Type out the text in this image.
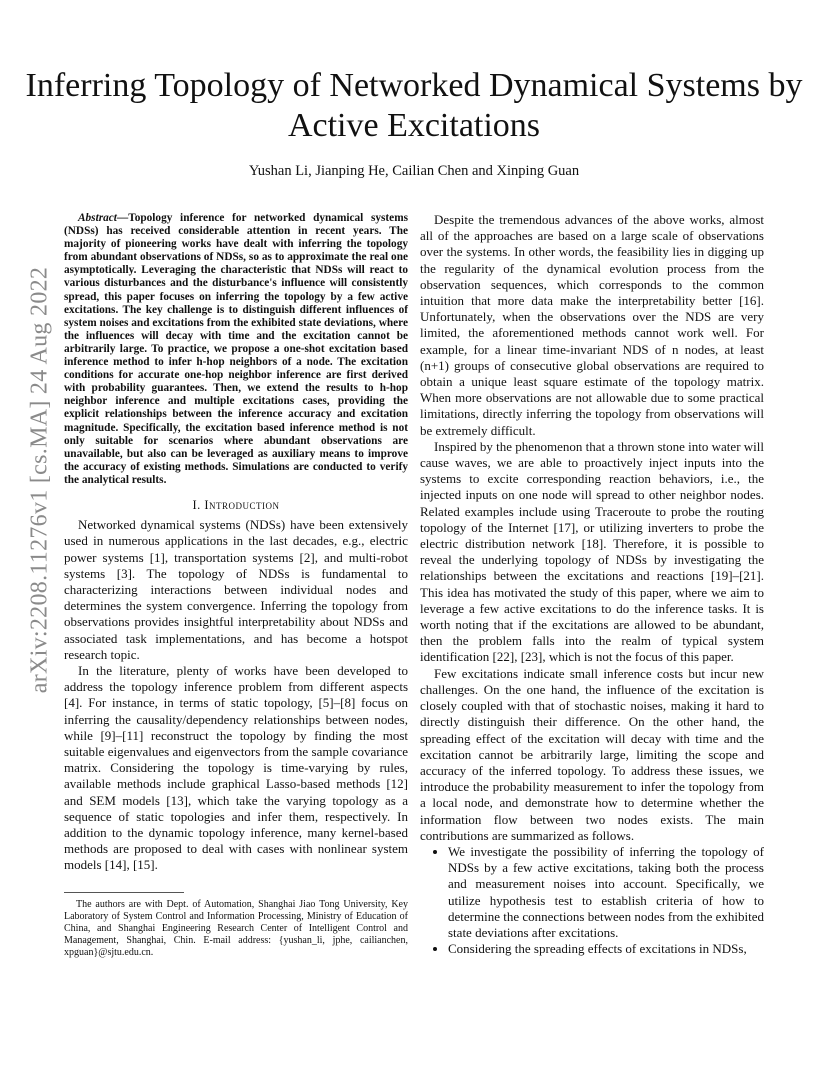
arXiv:2208.11276v1 [cs.MA] 24 Aug 2022
Inferring Topology of Networked Dynamical Systems by Active Excitations
Yushan Li, Jianping He, Cailian Chen and Xinping Guan

Abstract—Topology inference for networked dynamical systems (NDSs) has received considerable attention in recent years. The majority of pioneering works have dealt with inferring the topology from abundant observations of NDSs, so as to approximate the real one asymptotically. Leveraging the characteristic that NDSs will react to various disturbances and the disturbance's influence will consistently spread, this paper focuses on inferring the topology by a few active excitations. The key challenge is to distinguish different influences of system noises and excitations from the exhibited state deviations, where the influences will decay with time and the excitation cannot be arbitrarily large. To practice, we propose a one-shot excitation based inference method to infer h-hop neighbors of a node. The excitation conditions for accurate one-hop neighbor inference are first derived with probability guarantees. Then, we extend the results to h-hop neighbor inference and multiple excitations cases, providing the explicit relationships between the inference accuracy and excitation magnitude. Specifically, the excitation based inference method is not only suitable for scenarios where abundant observations are unavailable, but also can be leveraged as auxiliary means to improve the accuracy of existing methods. Simulations are conducted to verify the analytical results.

I. Introduction

Networked dynamical systems (NDSs) have been extensively used in numerous applications in the last decades, e.g., electric power systems [1], transportation systems [2], and multi-robot systems [3]. The topology of NDSs is fundamental to characterizing interactions between individual nodes and determines the system convergence. Inferring the topology from observations provides insightful interpretability about NDSs and associated task implementations, and has become a hotspot research topic.

In the literature, plenty of works have been developed to address the topology inference problem from different aspects [4]. For instance, in terms of static topology, [5]–[8] focus on inferring the causality/dependency relationships between nodes, while [9]–[11] reconstruct the topology by finding the most suitable eigenvalues and eigenvectors from the sample covariance matrix. Considering the topology is time-varying by rules, available methods include graphical Lasso-based methods [12] and SEM models [13], which take the varying topology as a sequence of static topologies and infer them, respectively. In addition to the dynamic topology inference, many kernel-based methods are proposed to deal with cases with nonlinear system models [14], [15].

The authors are with Dept. of Automation, Shanghai Jiao Tong University, Key Laboratory of System Control and Information Processing, Ministry of Education of China, and Shanghai Engineering Research Center of Intelligent Control and Management, Shanghai, Chin. E-mail address: {yushan_li, jphe, cailianchen, xpguan}@sjtu.edu.cn.

Despite the tremendous advances of the above works, almost all of the approaches are based on a large scale of observations over the systems. In other words, the feasibility lies in digging up the regularity of the dynamical evolution process from the observation sequences, which corresponds to the common intuition that more data make the interpretability better [16]. Unfortunately, when the observations over the NDS are very limited, the aforementioned methods cannot work well. For example, for a linear time-invariant NDS of n nodes, at least (n+1) groups of consecutive global observations are required to obtain a unique least square estimate of the topology matrix. When more observations are not allowable due to some practical limitations, directly inferring the topology from observations will be extremely difficult.

Inspired by the phenomenon that a thrown stone into water will cause waves, we are able to proactively inject inputs into the systems to excite corresponding reaction behaviors, i.e., the injected inputs on one node will spread to other neighbor nodes. Related examples include using Traceroute to probe the routing topology of the Internet [17], or utilizing inverters to probe the electric distribution network [18]. Therefore, it is possible to reveal the underlying topology of NDSs by investigating the relationships between the excitations and reactions [19]–[21]. This idea has motivated the study of this paper, where we aim to leverage a few active excitations to do the inference tasks. It is worth noting that if the excitations are allowed to be abundant, then the problem falls into the realm of typical system identification [22], [23], which is not the focus of this paper.

Few excitations indicate small inference costs but incur new challenges. On the one hand, the influence of the excitation is closely coupled with that of stochastic noises, making it hard to directly distinguish their difference. On the other hand, the spreading effect of the excitation will decay with time and the excitation cannot be arbitrarily large, limiting the scope and accuracy of the inferred topology. To address these issues, we introduce the probability measurement to infer the topology from a local node, and demonstrate how to determine whether the information flow between two nodes exists. The main contributions are summarized as follows.

• We investigate the possibility of inferring the topology of NDSs by a few active excitations, taking both the process and measurement noises into account. Specifically, we utilize hypothesis test to establish criteria of how to determine the connections between nodes from the exhibited state deviations after excitations.
• Considering the spreading effects of excitations in NDSs,
